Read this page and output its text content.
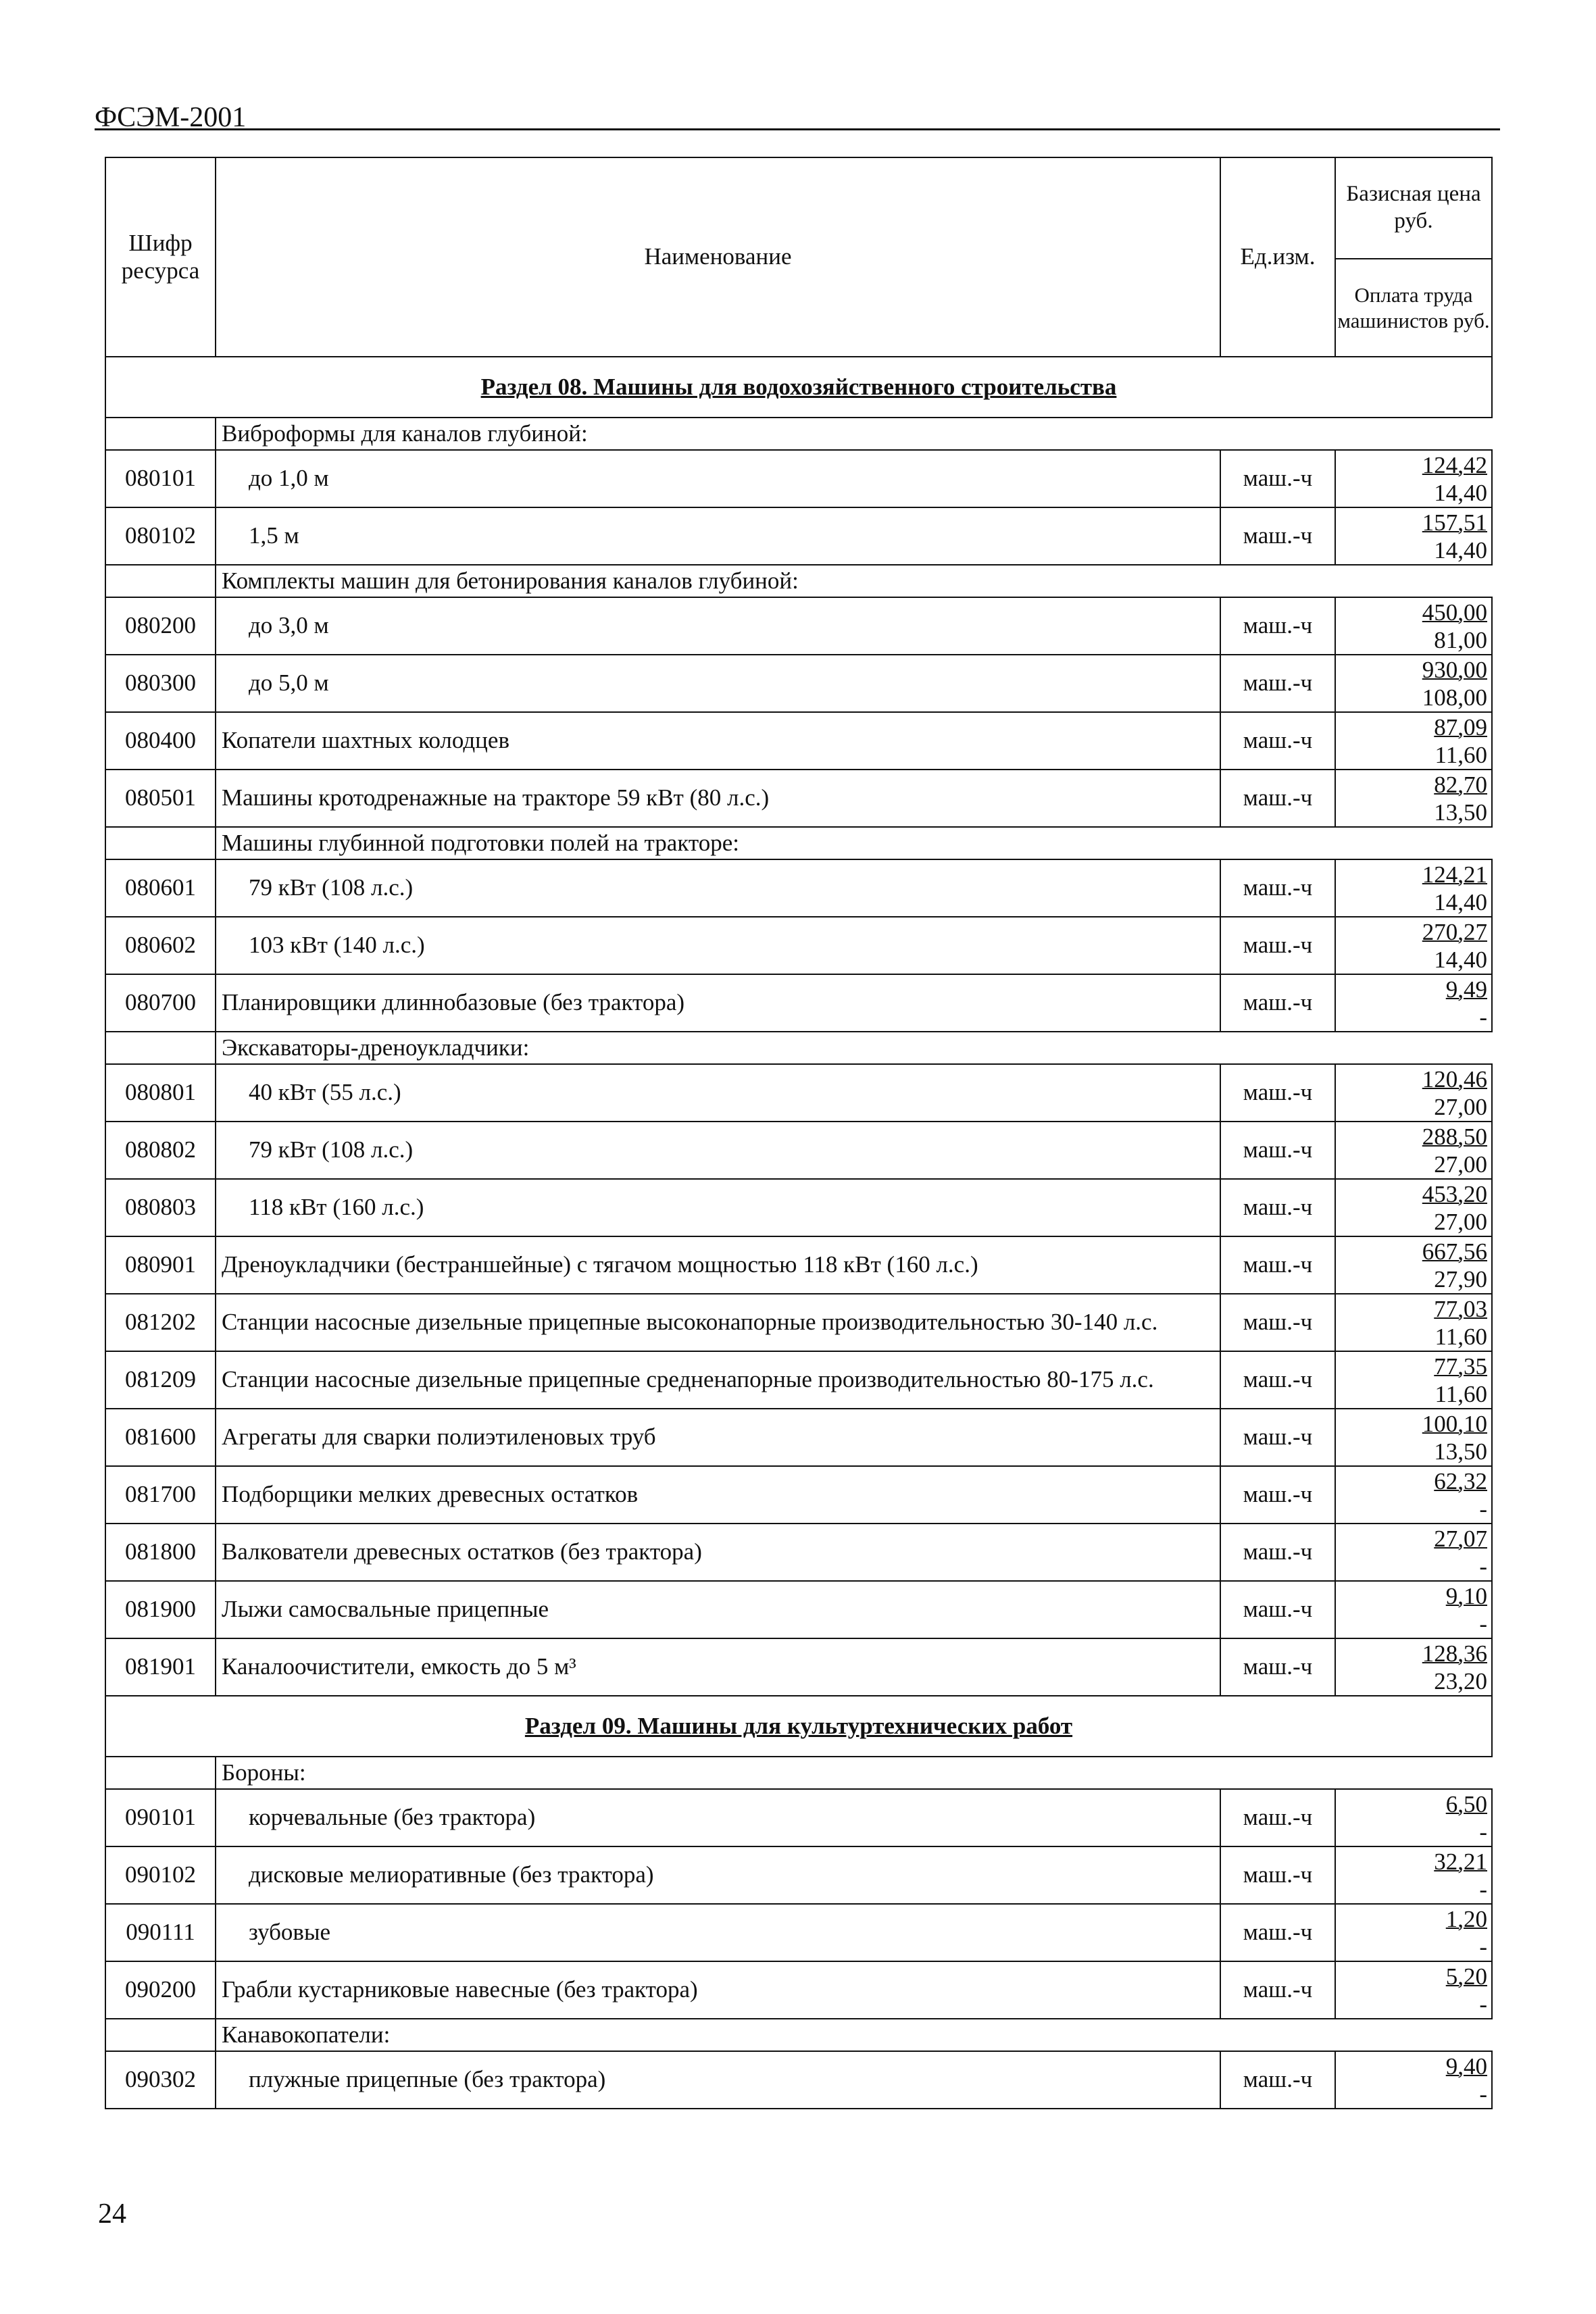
ФСЭМ-2001
Шифр ресурса	Наименование	Ед.изм.	Базисная цена руб.
Оплата труда машинистов руб.

Раздел 08. Машины для водохозяйственного строительства			
	Виброформы для каналов глубиной:		
080101	до 1,0 м	маш.-ч	124,42
14,40

080102	1,5 м	маш.-ч	157,51
14,40

	Комплекты машин для бетонирования каналов глубиной:		
080200	до 3,0 м	маш.-ч	450,00
81,00

080300	до 5,0 м	маш.-ч	930,00
108,00

080400	Копатели шахтных колодцев	маш.-ч	87,09
11,60

080501	Машины кротодренажные на тракторе 59 кВт (80 л.с.)	маш.-ч	82,70
13,50

	Машины глубинной подготовки полей на тракторе:		
080601	79 кВт (108 л.с.)	маш.-ч	124,21
14,40

080602	103 кВт (140 л.с.)	маш.-ч	270,27
14,40

080700	Планировщики длиннобазовые (без трактора)	маш.-ч	9,49
-

	Экскаваторы-дреноукладчики:		
080801	40 кВт (55 л.с.)	маш.-ч	120,46
27,00

080802	79 кВт (108 л.с.)	маш.-ч	288,50
27,00

080803	118 кВт (160 л.с.)	маш.-ч	453,20
27,00

080901	Дреноукладчики (бестраншейные) с тягачом мощностью 118 кВт (160 л.с.)	маш.-ч	667,56
27,90

081202	Станции насосные дизельные прицепные высоконапорные производительностью 30-140 л.с.	маш.-ч	77,03
11,60

081209	Станции насосные дизельные прицепные средненапорные производительностью 80-175 л.с.	маш.-ч	77,35
11,60

081600	Агрегаты для сварки полиэтиленовых труб	маш.-ч	100,10
13,50

081700	Подборщики мелких древесных остатков	маш.-ч	62,32
-

081800	Валкователи древесных остатков (без трактора)	маш.-ч	27,07
-

081900	Лыжи самосвальные прицепные	маш.-ч	9,10
-

081901	Каналоочистители, емкость до 5 м³	маш.-ч	128,36
23,20

Раздел 09. Машины для культуртехнических работ			
	Бороны:		
090101	корчевальные (без трактора)	маш.-ч	6,50
-

090102	дисковые мелиоративные (без трактора)	маш.-ч	32,21
-

090111	зубовые	маш.-ч	1,20
-

090200	Грабли кустарниковые навесные (без трактора)	маш.-ч	5,20
-

	Канавокопатели:		
090302	плужные прицепные (без трактора)	маш.-ч	9,40
-
24
